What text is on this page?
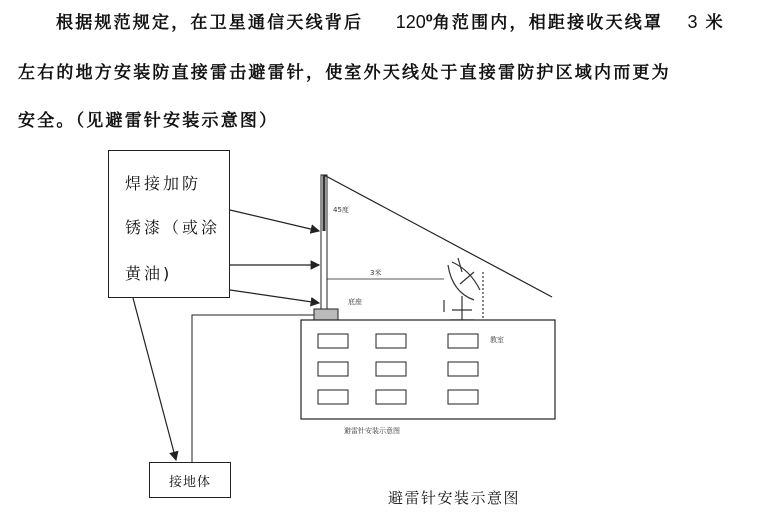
根据规范规定，在卫星通信天线背后 $120^0$角范围内，相距接收天线罩 3 米
左右的地方安装防直接雷击避雷针，使室外天线处于直接雷防护区域内而更为
安全。（见避雷针安装示意图）
45度
3米
底座
教室
避雷针安装示意图
焊接加防
锈漆（或涂
黄油)
接地体
避雷针安装示意图
